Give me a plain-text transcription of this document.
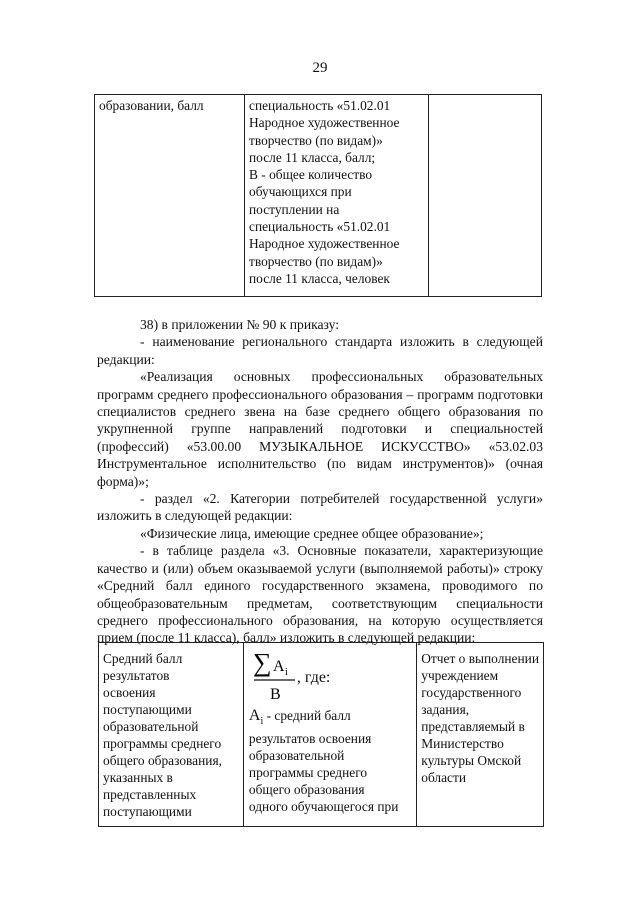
29
образовании, балл	специальность «51.02.01
Народное художественное
творчество (по видам)»
после 11 класса, балл;
В - общее количество
обучающихся при
поступлении на
специальность «51.02.01
Народное художественное
творчество (по видам)»
после 11 класса, человек
38) в приложении № 90 к приказу:
- наименование регионального стандарта изложить в следующей редакции:
«Реализация основных профессиональных образовательных программ среднего профессионального образования – программ подготовки специалистов среднего звена на базе среднего общего образования по укрупненной группе направлений подготовки и специальностей (профессий) «53.00.00 МУЗЫКАЛЬНОЕ ИСКУССТВО» «53.02.03 Инструментальное исполнительство (по видам инструментов)» (очная форма)»;
- раздел «2. Категории потребителей государственной услуги» изложить в следующей редакции:
«Физические лица, имеющие среднее общее образование»;
- в таблице раздела «3. Основные показатели, характеризующие качество и (или) объем оказываемой услуги (выполняемой работы)» строку «Средний балл единого государственного экзамена, проводимого по общеобразовательным предметам, соответствующим специальности среднего профессионального образования, на которую осуществляется прием (после 11 класса), балл» изложить в следующей редакции:
Средний балл
результатов
освоения
поступающими
образовательной
программы среднего
общего образования,
указанных в
представленных
поступающими
∑ A i
B
, где:
$A_i$ - средний балл
результатов освоения
образовательной
программы среднего
общего образования
одного обучающегося при
Отчет о выполнении
учреждением
государственного
задания,
представляемый в
Министерство
культуры Омской
области
